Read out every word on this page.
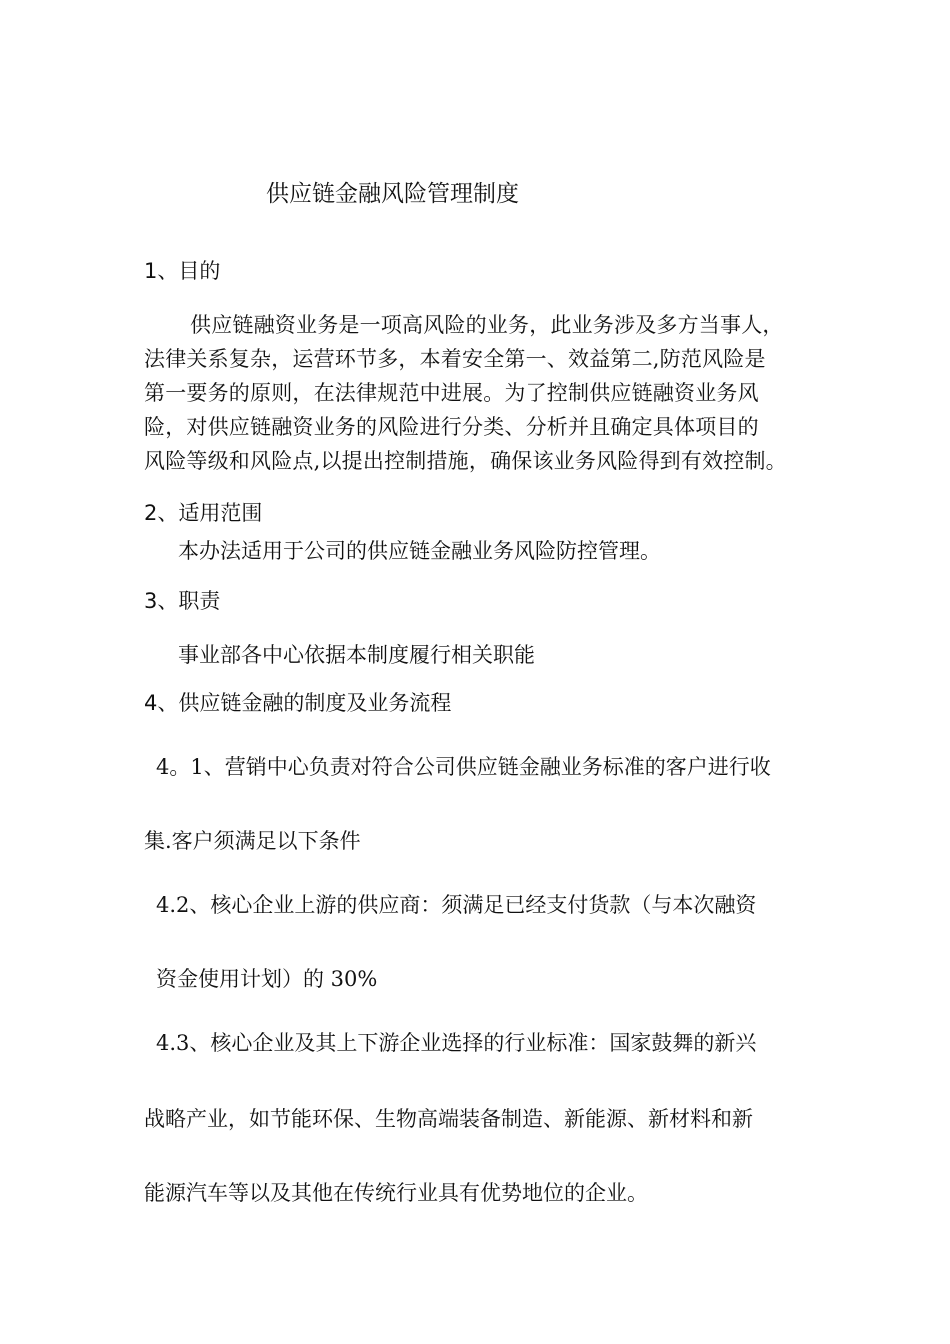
供应链金融风险管理制度
1、目的
供应链融资业务是一项高风险的业务，此业务涉及多方当事人，
法律关系复杂，运营环节多，本着安全第一、效益第二,防范风险是
第一要务的原则，在法律规范中进展。为了控制供应链融资业务风
险，对供应链融资业务的风险进行分类、分析并且确定具体项目的
风险等级和风险点,以提出控制措施，确保该业务风险得到有效控制。
2、适用范围
本办法适用于公司的供应链金融业务风险防控管理。
3、职责
事业部各中心依据本制度履行相关职能
4、供应链金融的制度及业务流程
4。1、营销中心负责对符合公司供应链金融业务标准的客户进行收
集.客户须满足以下条件
4.2、核心企业上游的供应商：须满足已经支付货款（与本次融资
资金使用计划）的 30%
4.3、核心企业及其上下游企业选择的行业标准：国家鼓舞的新兴
战略产业，如节能环保、生物高端装备制造、新能源、新材料和新
能源汽车等以及其他在传统行业具有优势地位的企业。
